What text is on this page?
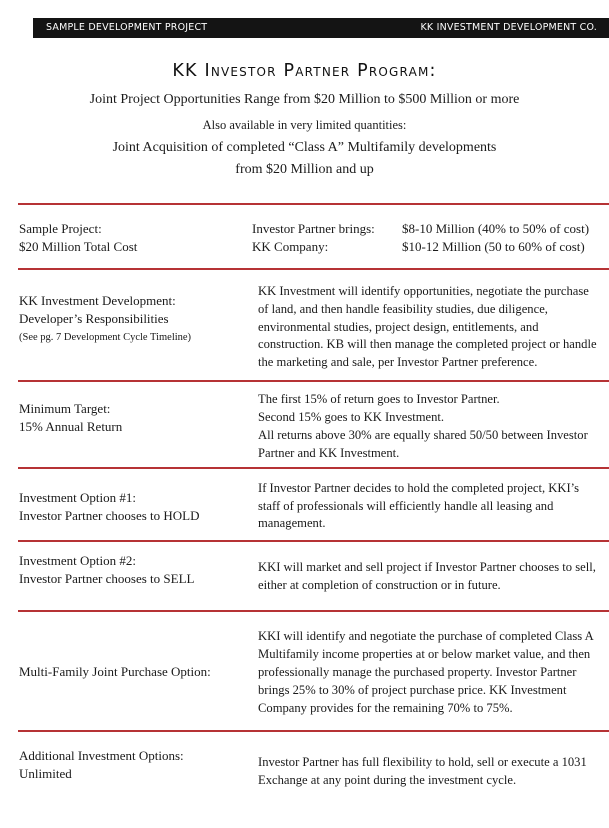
SAMPLE DEVELOPMENT PROJECT	KK INVESTMENT DEVELOPMENT CO.
KK Investor Partner Program:
Joint Project Opportunities Range from $20 Million to $500 Million or more
Also available in very limited quantities:
Joint Acquisition of completed “Class A” Multifamily developments
from $20 Million and up
Sample Project:
$20 Million Total Cost
Investor Partner brings:
KK Company:
$8-10 Million (40% to 50% of cost)
$10-12 Million (50 to 60% of cost)
KK Investment Development:
Developer’s Responsibilities
(See pg. 7 Development Cycle Timeline)
KK Investment will identify opportunities, negotiate the purchase
of land, and then handle feasibility studies, due diligence,
environmental studies, project design, entitlements, and
construction. KB will then manage the completed project or handle
the marketing and sale, per Investor Partner preference.
Minimum Target:
15% Annual Return
The first 15% of return goes to Investor Partner.
Second 15% goes to KK Investment.
All returns above 30% are equally shared 50/50 between Investor
Partner and KK Investment.
Investment Option #1:
Investor Partner chooses to HOLD
If Investor Partner decides to hold the completed project, KKI’s
staff of professionals will efficiently handle all leasing and
management.
Investment Option #2:
Investor Partner chooses to SELL
KKI will market and sell project if Investor Partner chooses to sell,
either at completion of construction or in future.
Multi-Family Joint Purchase Option:
KKI will identify and negotiate the purchase of completed Class A
Multifamily income properties at or below market value, and then
professionally manage the purchased property. Investor Partner
brings 25% to 30% of project purchase price. KK Investment
Company provides for the remaining 70% to 75%.
Additional Investment Options:
Unlimited
Investor Partner has full flexibility to hold, sell or execute a 1031
Exchange at any point during the investment cycle.
